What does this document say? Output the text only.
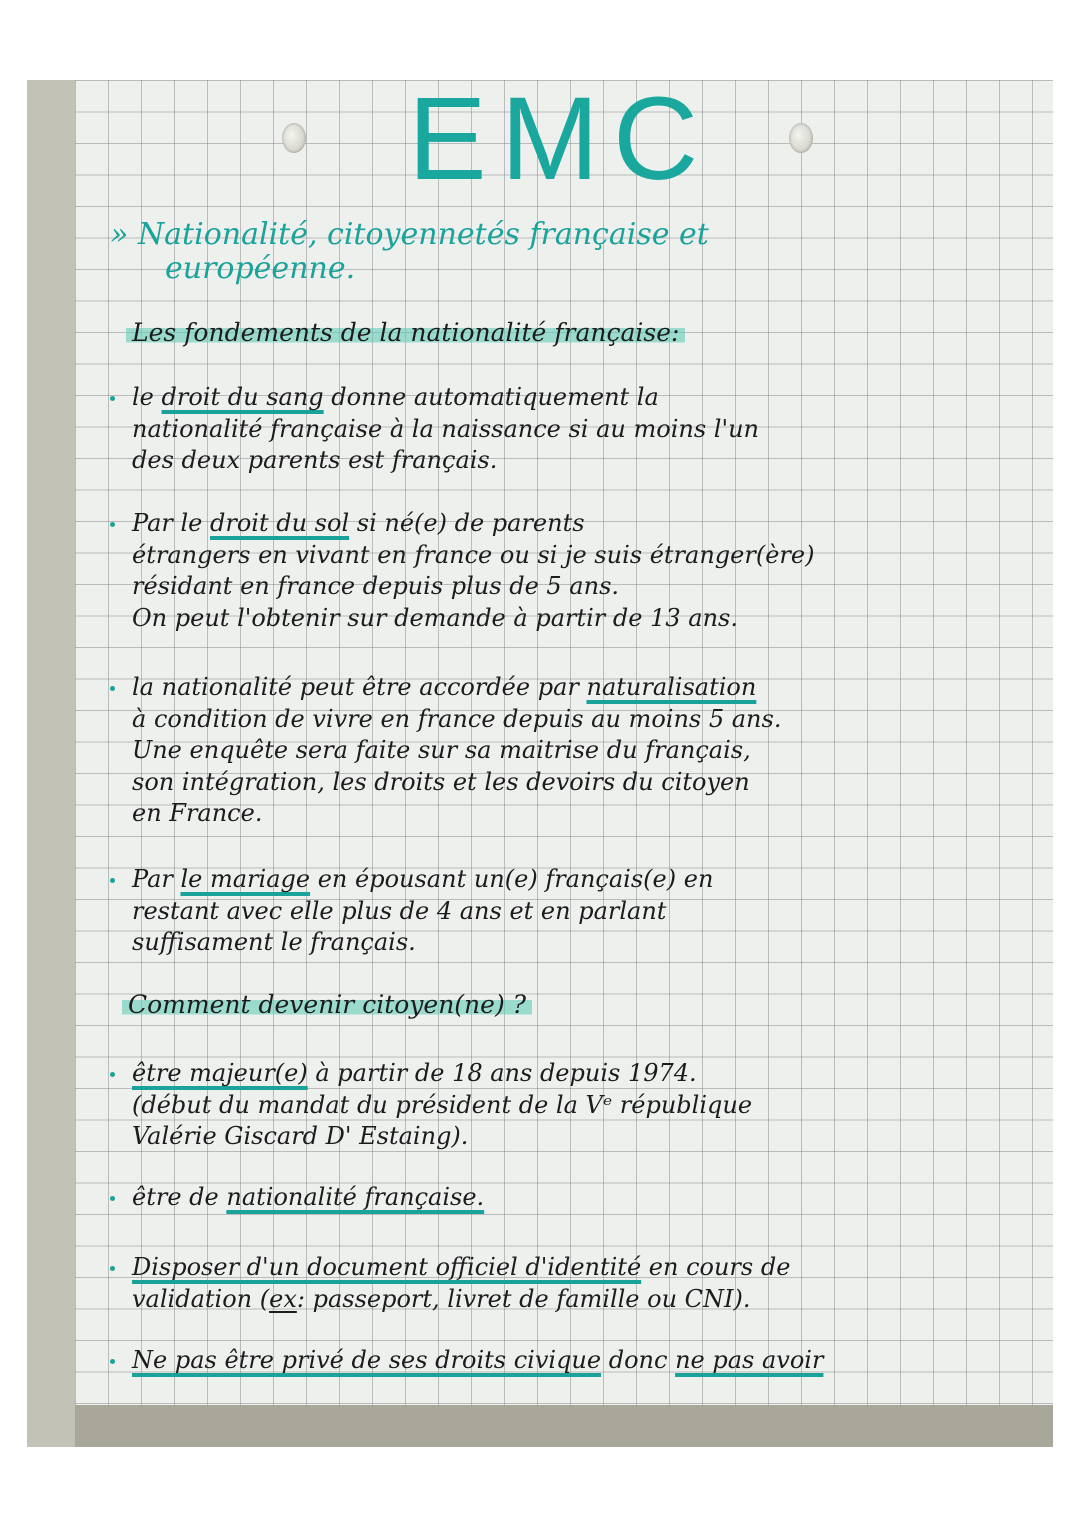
EMC
» Nationalité, citoyennetés française et
européenne.
Les fondements de la nationalité française:
le droit du sang donne automatiquement la
nationalité française à la naissance si au moins l'un
des deux parents est français.
Par le droit du sol si né(e) de parents
étrangers en vivant en france ou si je suis étranger(ère)
résidant en france depuis plus de 5 ans.
On peut l'obtenir sur demande à partir de 13 ans.
la nationalité peut être accordée par naturalisation
à condition de vivre en france depuis au moins 5 ans.
Une enquête sera faite sur sa maitrise du français,
son intégration, les droits et les devoirs du citoyen
en France.
Par le mariage en épousant un(e) français(e) en
restant avec elle plus de 4 ans et en parlant
suffisament le français.
Comment devenir citoyen(ne) ?
être majeur(e) à partir de 18 ans depuis 1974.
(début du mandat du président de la Vᵉ république
Valérie Giscard D' Estaing).
être de nationalité française.
Disposer d'un document officiel d'identité en cours de
validation (ex: passeport, livret de famille ou CNI).
Ne pas être privé de ses droits civique donc ne pas avoir
